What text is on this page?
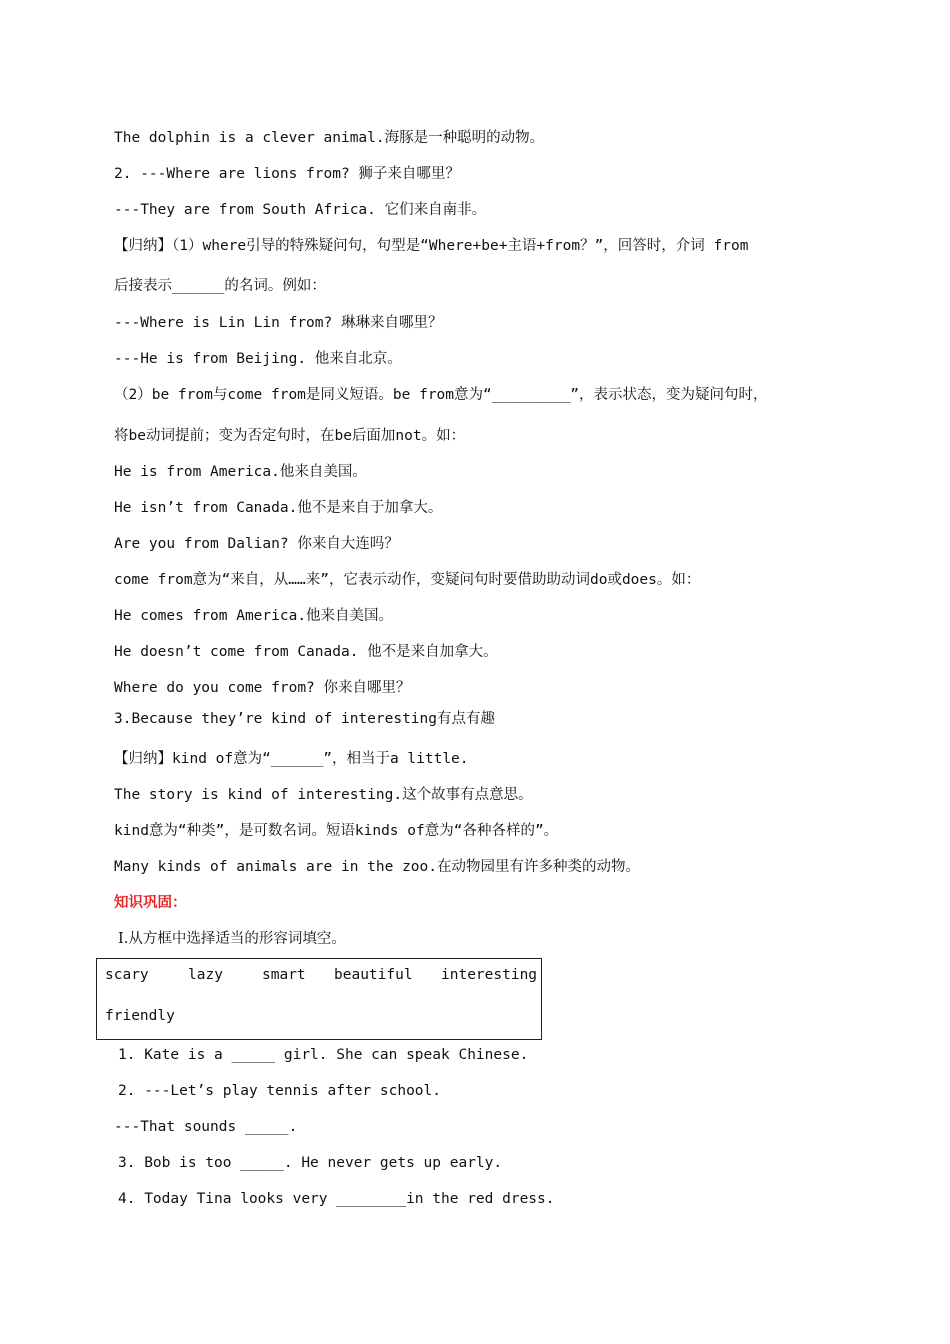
The dolphin is a clever animal.海豚是一种聪明的动物。
2. ---Where are lions from? 狮子来自哪里？
---They are from South Africa. 它们来自南非。
【归纳】（1）where引导的特殊疑问句，句型是“Where+be+主语+from？”，回答时，介词 from
后接表示______的名词。例如：
---Where is Lin Lin from? 琳琳来自哪里？
---He is from Beijing. 他来自北京。
（2）be from与come from是同义短语。be from意为“_________”，表示状态，变为疑问句时，
将be动词提前；变为否定句时，在be后面加not。如：
He is from America.他来自美国。
He isn’t from Canada.他不是来自于加拿大。
Are you from Dalian? 你来自大连吗？
come from意为“来自，从……来”，它表示动作，变疑问句时要借助助动词do或does。如：
He comes from America.他来自美国。
He doesn’t come from Canada. 他不是来自加拿大。
Where do you come from? 你来自哪里？
3.Because they’re kind of interesting有点有趣
【归纳】kind of意为“______”，相当于a little.
The story is kind of interesting.这个故事有点意思。
kind意为“种类”，是可数名词。短语kinds of意为“各种各样的”。
Many kinds of animals are in the zoo.在动物园里有许多种类的动物。
知识巩固：
Ⅰ.从方框中选择适当的形容词填空。
scary	lazy	smart beautiful interesting
friendly
1. Kate is a _____ girl. She can speak Chinese.
2. ---Let’s play tennis after school.
---That sounds _____.
3. Bob is too _____. He never gets up early.
4. Today Tina looks very ________in the red dress.
